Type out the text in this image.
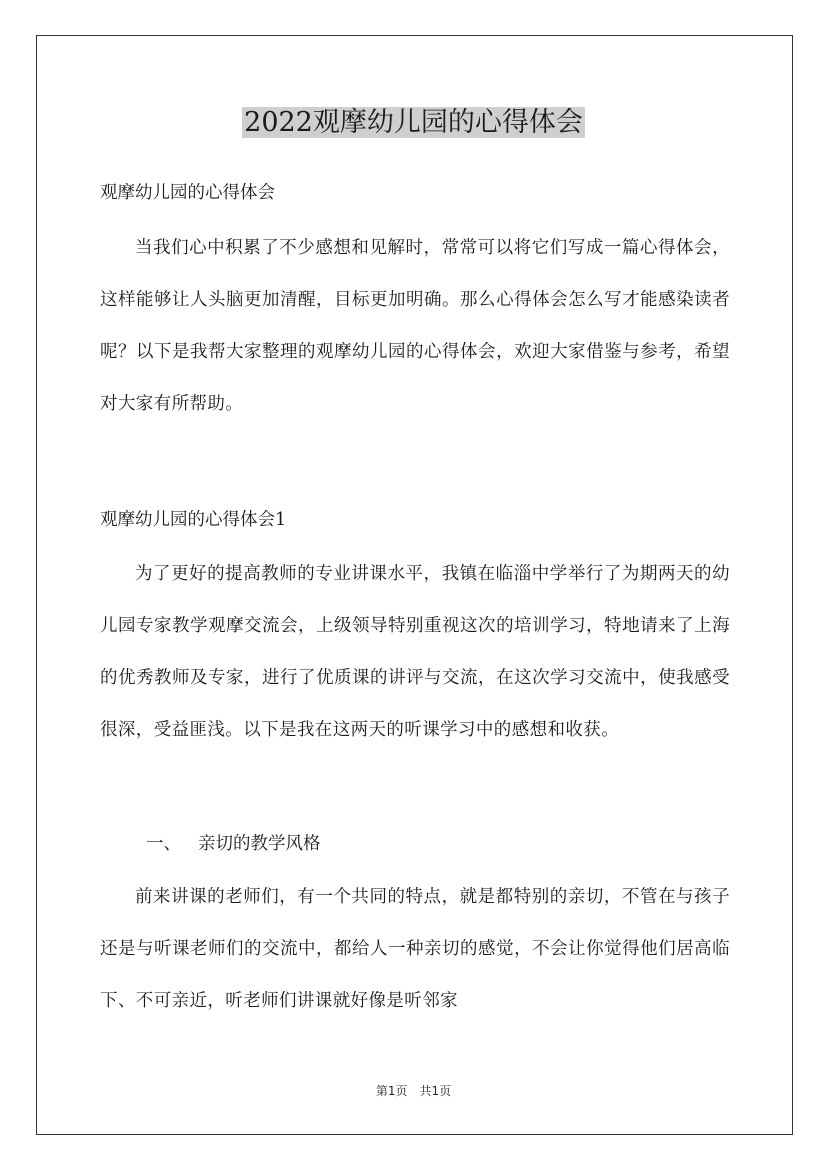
2022观摩幼儿园的心得体会

观摩幼儿园的心得体会

当我们心中积累了不少感想和见解时，常常可以将它们写成一篇心得体会，这样能够让人头脑更加清醒，目标更加明确。那么心得体会怎么写才能感染读者呢？以下是我帮大家整理的观摩幼儿园的心得体会，欢迎大家借鉴与参考，希望对大家有所帮助。

观摩幼儿园的心得体会1

为了更好的提高教师的专业讲课水平，我镇在临淄中学举行了为期两天的幼儿园专家教学观摩交流会，上级领导特别重视这次的培训学习，特地请来了上海的优秀教师及专家，进行了优质课的讲评与交流，在这次学习交流中，使我感受很深，受益匪浅。以下是我在这两天的听课学习中的感想和收获。

一、 亲切的教学风格

前来讲课的老师们，有一个共同的特点，就是都特别的亲切，不管在与孩子还是与听课老师们的交流中，都给人一种亲切的感觉，不会让你觉得他们居高临下、不可亲近，听老师们讲课就好像是听邻家

第1页　共1页
